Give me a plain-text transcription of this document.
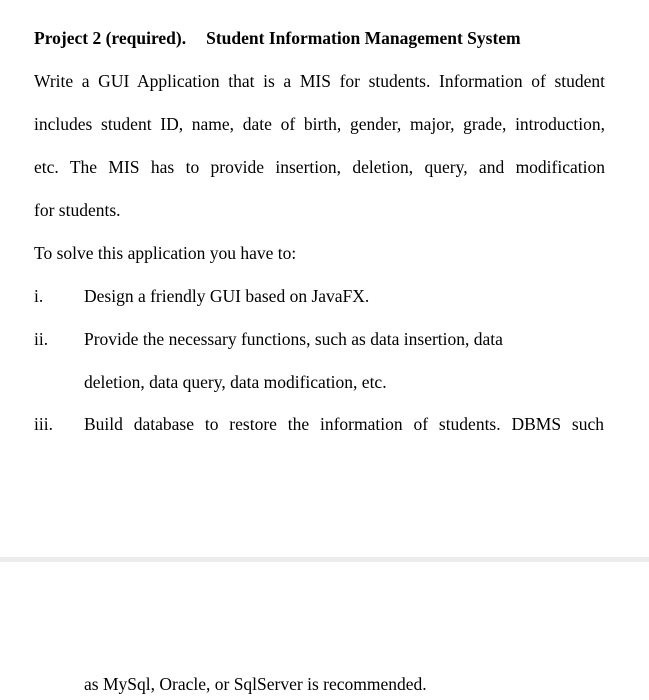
Project 2 (required). Student Information Management System
Write a GUI Application that is a MIS for students. Information of student
includes student ID, name, date of birth, gender, major, grade, introduction,
etc. The MIS has to provide insertion, deletion, query, and modification
for students.
To solve this application you have to:
i. Design a friendly GUI based on JavaFX.
ii. Provide the necessary functions, such as data insertion, data
deletion, data query, data modification, etc.
iii. Build database to restore the information of students. DBMS such
as MySql, Oracle, or SqlServer is recommended.
